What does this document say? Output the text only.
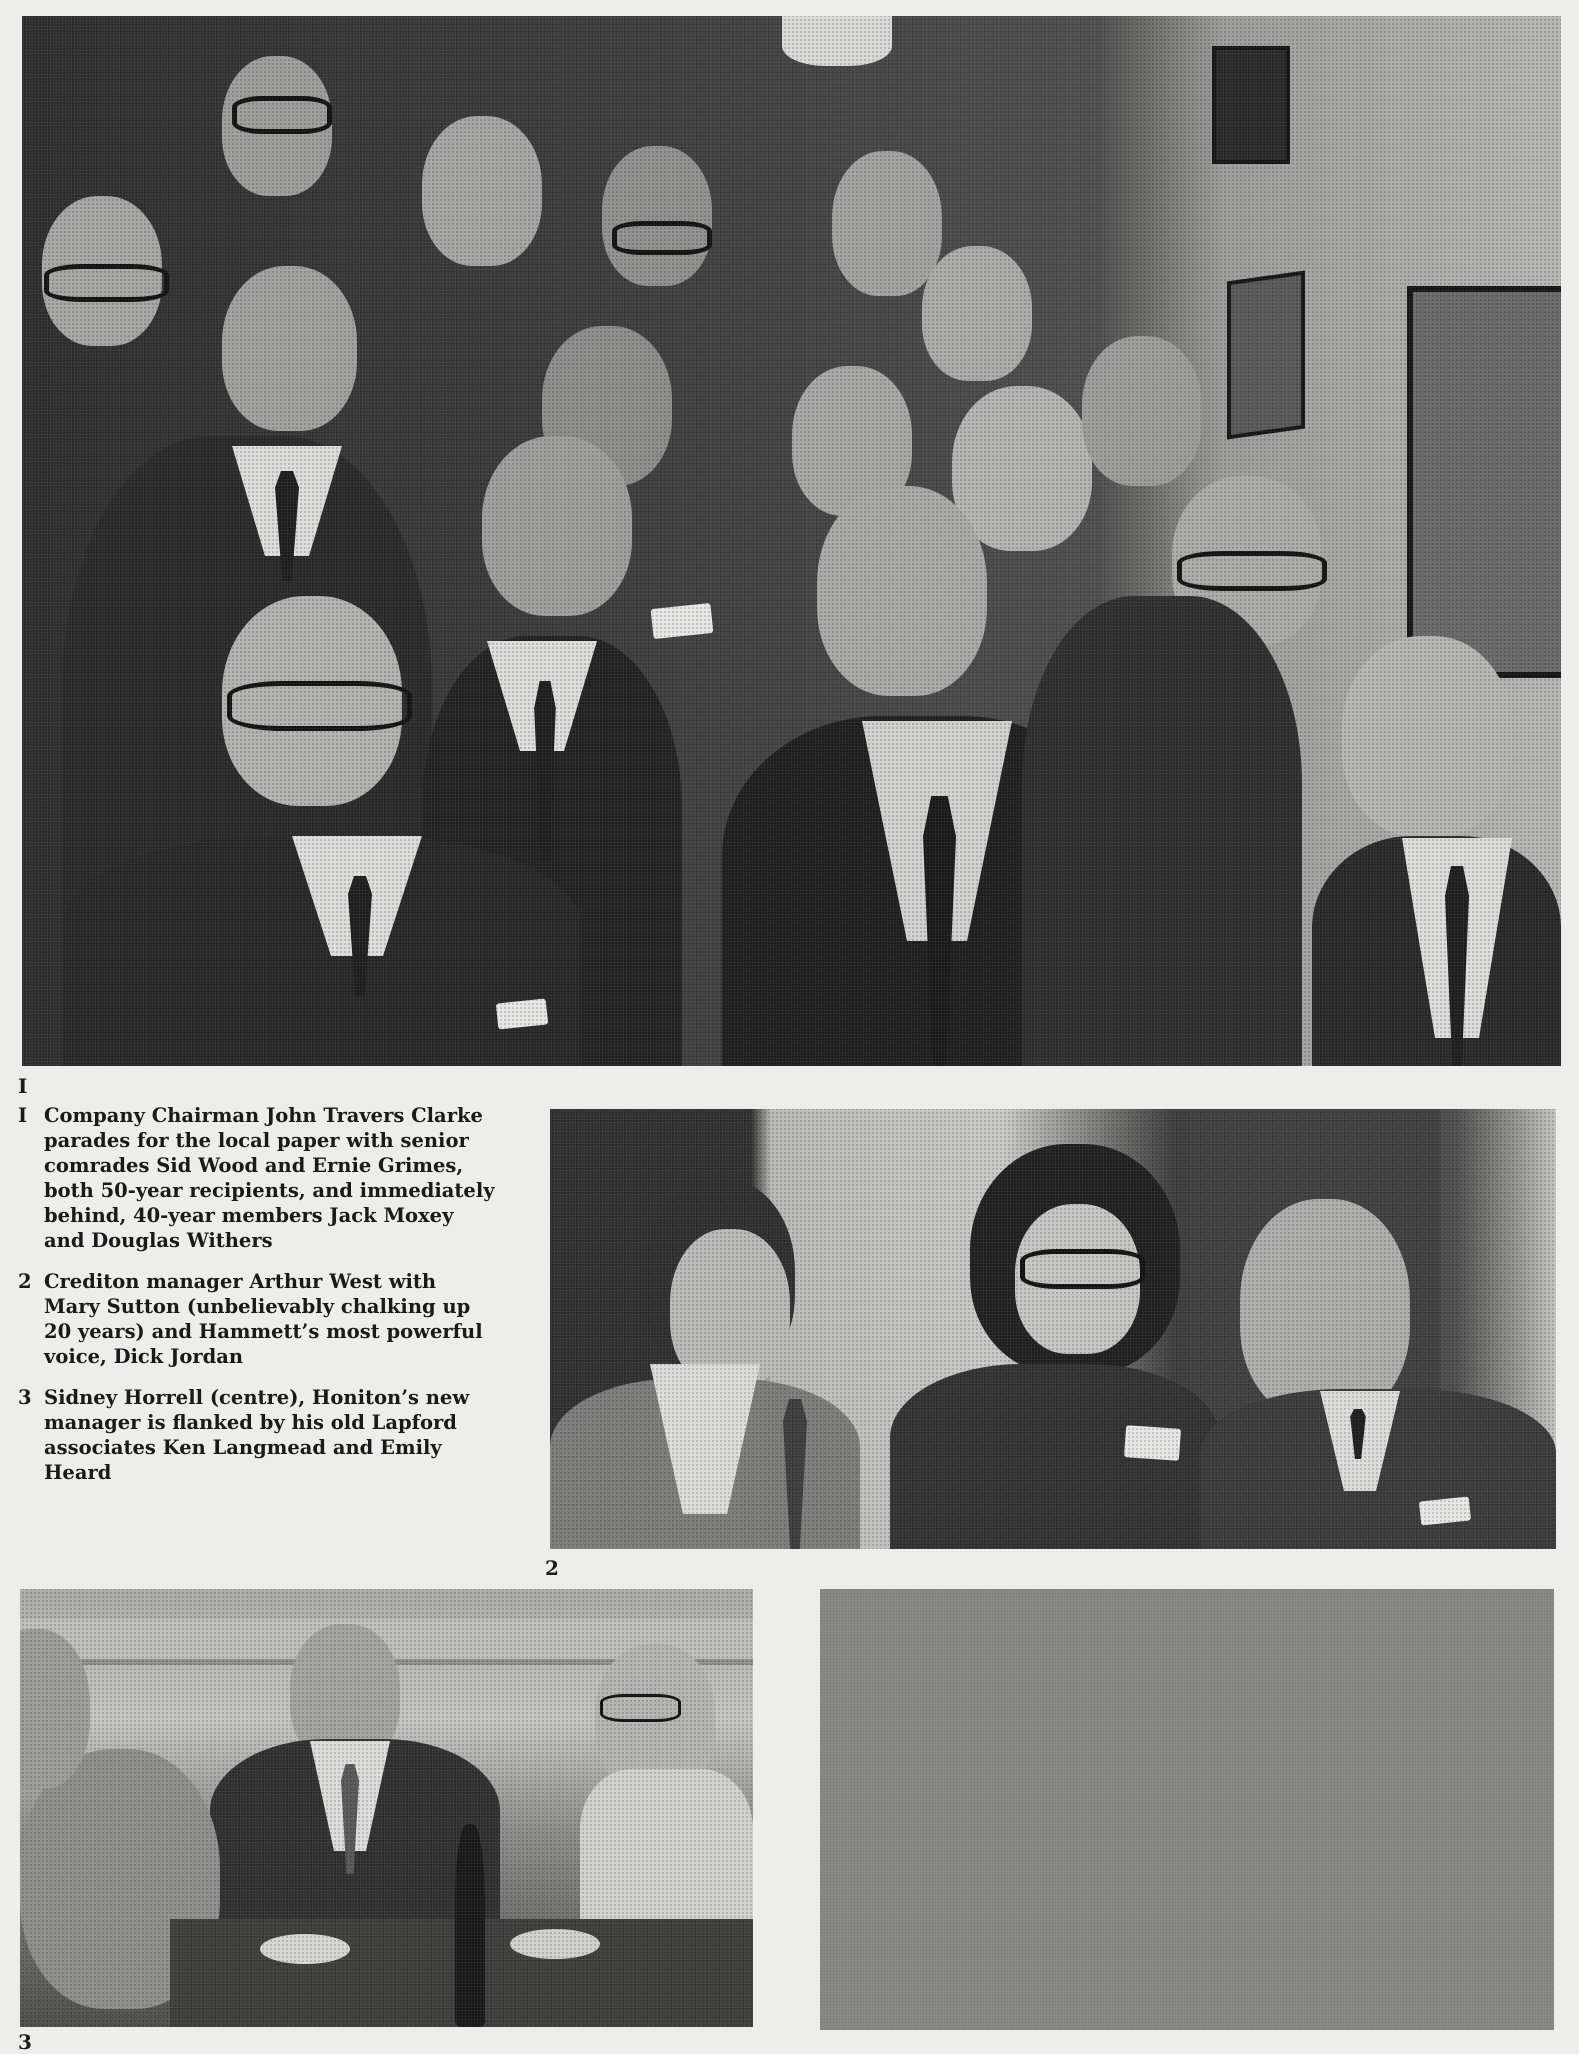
I
I Company Chairman John Travers Clarke parades for the local paper with senior comrades Sid Wood and Ernie Grimes, both 50-year recipients, and immediately behind, 40-year members Jack Moxey and Douglas Withers
2 Crediton manager Arthur West with Mary Sutton (unbelievably chalking up 20 years) and Hammett’s most powerful voice, Dick Jordan
3 Sidney Horrell (centre), Honiton’s new manager is flanked by his old Lapford associates Ken Langmead and Emily Heard
2
3
